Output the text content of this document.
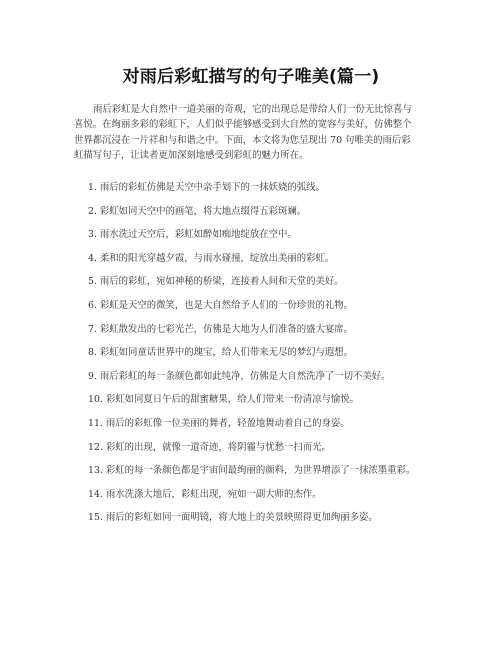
对雨后彩虹描写的句子唯美(篇一)
雨后彩虹是大自然中一道美丽的奇观，它的出现总是带给人们一份无比惊喜与
喜悦。在绚丽多彩的彩虹下，人们似乎能够感受到大自然的宽容与美好，仿佛整个
世界都沉浸在一片祥和与和谐之中。下面，本文将为您呈现出 70 句唯美的雨后彩
虹描写句子，让读者更加深刻地感受到彩虹的魅力所在。
1. 雨后的彩虹仿佛是天空中亲手划下的一抹妖娆的弧线。
2. 彩虹如同天空中的画笔，将大地点缀得五彩斑斓。
3. 雨水洗过天空后，彩虹如醉如痴地绽放在空中。
4. 柔和的阳光穿越夕霞，与雨水碰撞，绽放出美丽的彩虹。
5. 雨后的彩虹，宛如神秘的桥梁，连接着人间和天堂的美好。
6. 彩虹是天空的微笑，也是大自然给予人们的一份珍贵的礼物。
7. 彩虹散发出的七彩光芒，仿佛是大地为人们准备的盛大宴席。
8. 彩虹如同童话世界中的瑰宝，给人们带来无尽的梦幻与遐想。
9. 雨后彩虹的每一条颜色都如此纯净，仿佛是大自然洗净了一切不美好。
10. 彩虹如同夏日午后的甜蜜糖果，给人们带来一份清凉与愉悦。
11. 雨后的彩虹像一位美丽的舞者，轻盈地舞动着自己的身姿。
12. 彩虹的出现，就像一道奇迹，将阴霾与忧愁一扫而光。
13. 彩虹的每一条颜色都是宇宙间最绚丽的颜料，为世界增添了一抹浓墨重彩。
14. 雨水洗涤大地后，彩虹出现，宛如一副大师的杰作。
15. 雨后的彩虹如同一面明镜，将大地上的美景映照得更加绚丽多姿。
